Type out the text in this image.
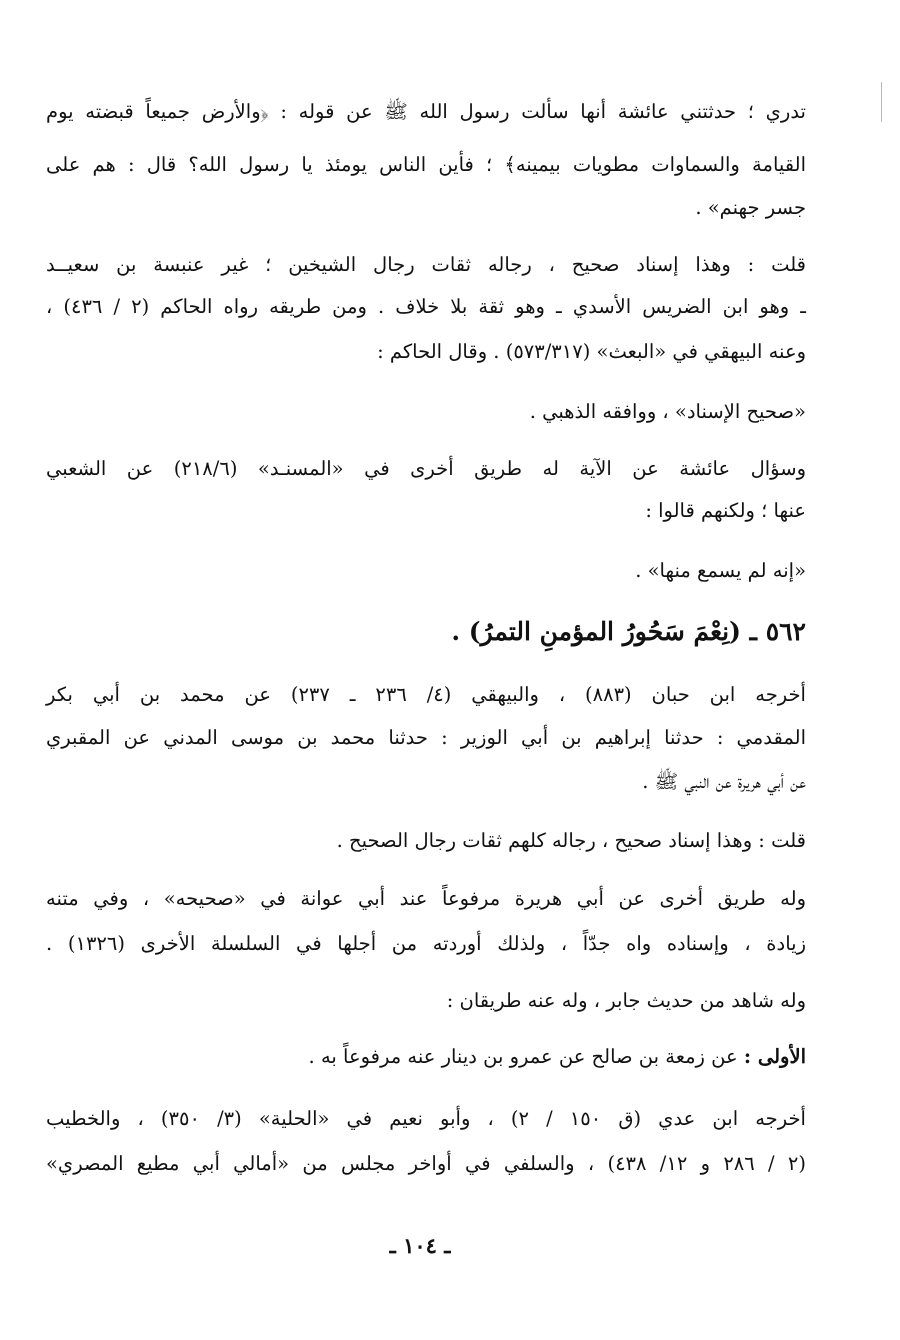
تدري ؛ حدثتني عائشة أنها سألت رسول الله ﷺ عن قوله : ﴿والأرض جميعاً قبضته يوم
القيامة والسماوات مطويات بيمينه﴾ ؛ فأين الناس يومئذ يا رسول الله؟ قال : هم على
جسر جهنم» .
قلت : وهذا إسناد صحيح ، رجاله ثقات رجال الشيخين ؛ غير عنبسة بن سعيــد
ـ وهو ابن الضريس الأسدي ـ وهو ثقة بلا خلاف . ومن طريقه رواه الحاكم (٢ / ٤٣٦) ،
وعنه البيهقي في «البعث» (٥٧٣/٣١٧) . وقال الحاكم :
«صحيح الإسناد» ، ووافقه الذهبي .
وسؤال عائشة عن الآية له طريق أخرى في «المسنـد» (٢١٨/٦) عن الشعبي
عنها ؛ ولكنهم قالوا :
«إنه لم يسمع منها» .
٥٦٢ ـ (نِعْمَ سَحُورُ المؤمنِ التمرُ) .
أخرجه ابن حبان (٨٨٣) ، والبيهقي (٤/ ٢٣٦ ـ ٢٣٧) عن محمد بن أبي بكر
المقدمي : حدثنا إبراهيم بن أبي الوزير : حدثنا محمد بن موسى المدني عن المقبري
عن أبي هريرة عن النبي ﷺ .
قلت : وهذا إسناد صحيح ، رجاله كلهم ثقات رجال الصحيح .
وله طريق أخرى عن أبي هريرة مرفوعاً عند أبي عوانة في «صحيحه» ، وفي متنه
زيادة ، وإسناده واه جدّاً ، ولذلك أوردته من أجلها في السلسلة الأخرى (١٣٢٦) .
وله شاهد من حديث جابر ، وله عنه طريقان :
الأولى : عن زمعة بن صالح عن عمرو بن دينار عنه مرفوعاً به .
أخرجه ابن عدي (ق ١٥٠ / ٢) ، وأبو نعيم في «الحلية» (٣/ ٣٥٠) ، والخطيب
(٢ / ٢٨٦ و ١٢/ ٤٣٨) ، والسلفي في أواخر مجلس من «أمالي أبي مطيع المصري»
ـ ١٠٤ ـ
